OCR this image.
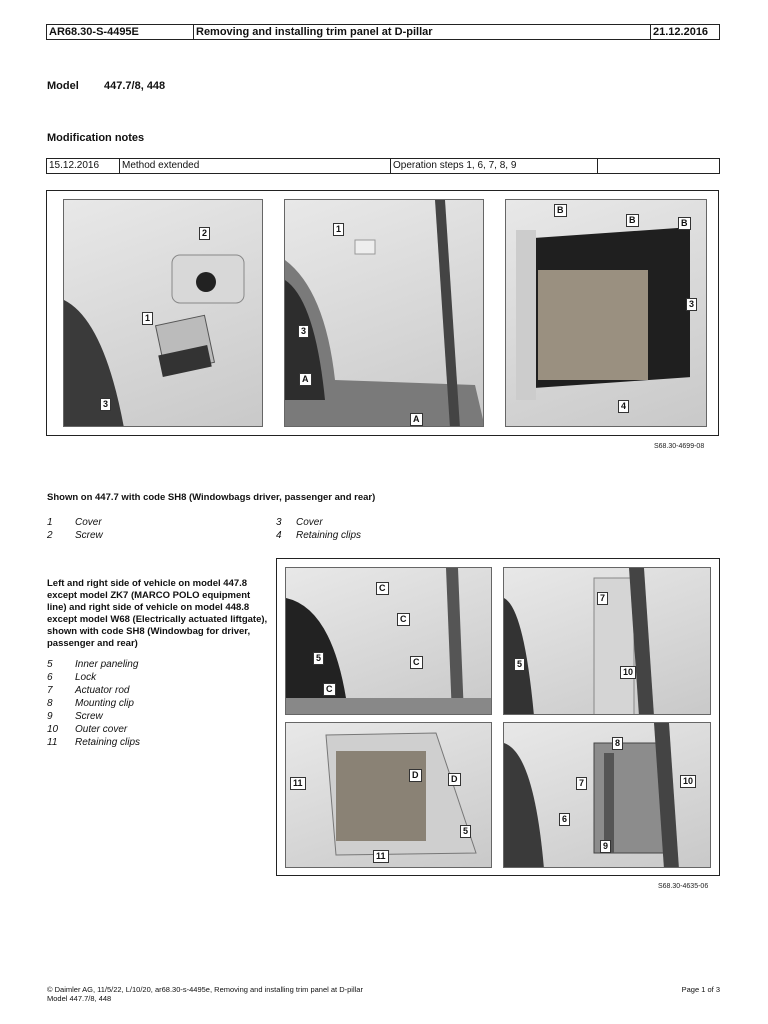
AR68.30-S-4495E	Removing and installing trim panel at D-pillar	21.12.2016
Model 447.7/8, 448
Modification notes
15.12.2016	Method extended	Operation steps 1, 6, 7, 8, 9
2
1
3
1
3
A
A
B
B	B
3
4
S68.30-4699-08
Shown on 447.7 with code SH8 (Windowbags driver, passenger and rear)
1 Cover
2 Screw
3 Cover
4 Retaining clips
Left and right side of vehicle on model 447.8 except model ZK7 (MARCO POLO equipment line) and right side of vehicle on model 448.8 except model W68 (Electrically actuated liftgate), shown with code SH8 (Windowbag for driver, passenger and rear)
5 Inner paneling
6 Lock
7 Actuator rod
8 Mounting clip
9 Screw
10 Outer cover
11 Retaining clips
C
C
C
C
5
7
5
10
11
D	D
5
11
8
7	10
6
9
S68.30-4635-06
© Daimler AG, 11/5/22, L/10/20, ar68.30-s-4495e, Removing and installing trim panel at D-pillar
Model 447.7/8, 448
Page 1 of 3
